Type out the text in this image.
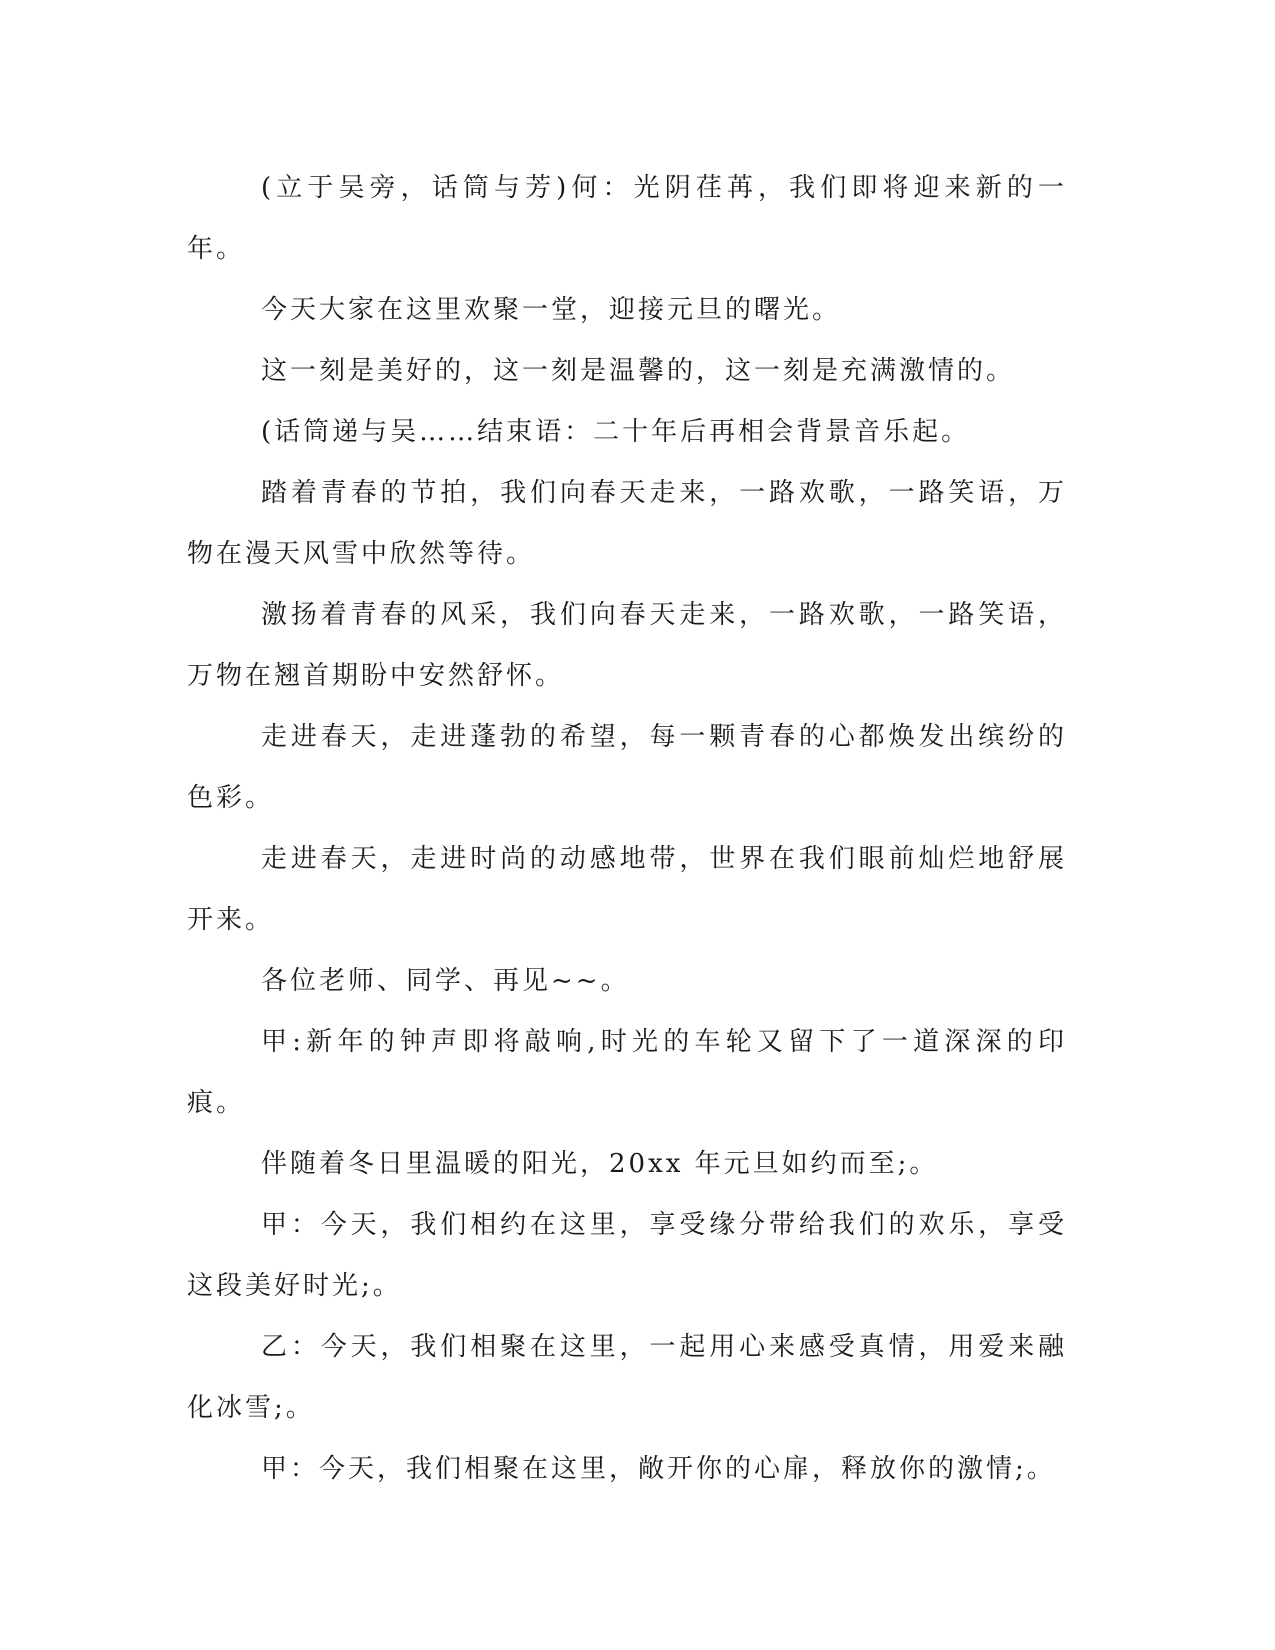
(立于吴旁，话筒与芳)何：光阴荏苒，我们即将迎来新的一年。

今天大家在这里欢聚一堂，迎接元旦的曙光。

这一刻是美好的，这一刻是温馨的，这一刻是充满激情的。

(话筒递与吴……结束语：二十年后再相会背景音乐起。

踏着青春的节拍，我们向春天走来，一路欢歌，一路笑语，万物在漫天风雪中欣然等待。

激扬着青春的风采，我们向春天走来，一路欢歌，一路笑语，万物在翘首期盼中安然舒怀。

走进春天，走进蓬勃的希望，每一颗青春的心都焕发出缤纷的色彩。

走进春天，走进时尚的动感地带，世界在我们眼前灿烂地舒展开来。

各位老师、同学、再见~~。

甲:新年的钟声即将敲响,时光的车轮又留下了一道深深的印痕。

伴随着冬日里温暖的阳光，20xx 年元旦如约而至;。

甲：今天，我们相约在这里，享受缘分带给我们的欢乐，享受这段美好时光;。

乙：今天，我们相聚在这里，一起用心来感受真情，用爱来融化冰雪;。

甲：今天，我们相聚在这里，敞开你的心扉，释放你的激情;。
